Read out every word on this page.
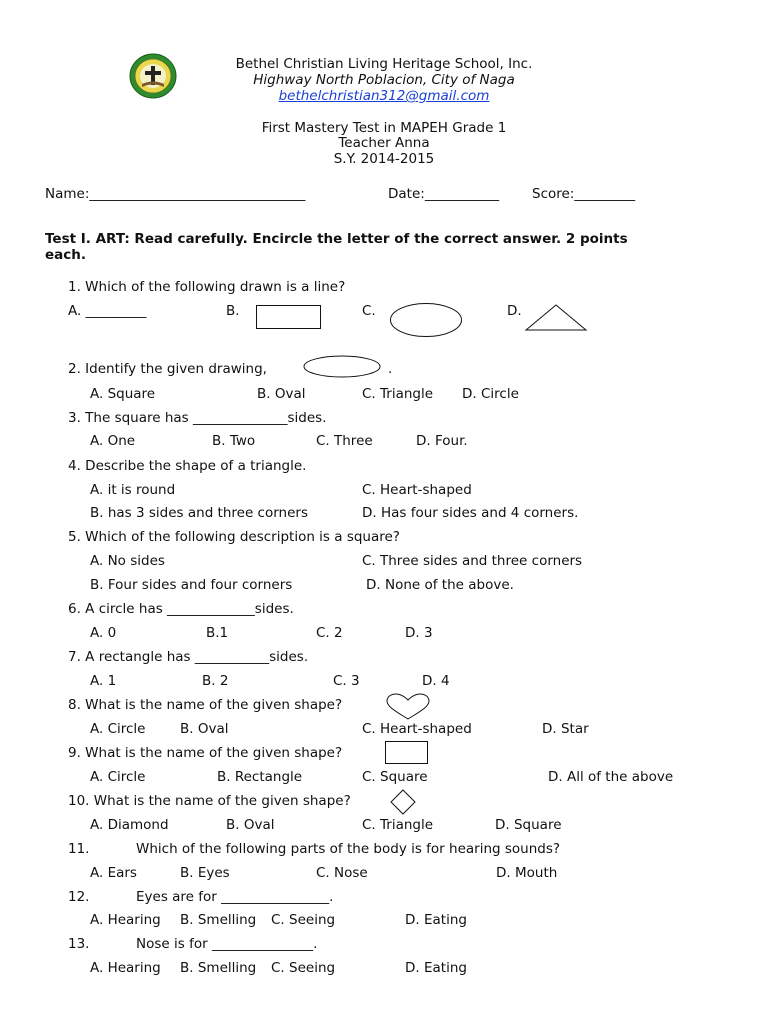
Bethel Christian Living Heritage School, Inc.
Highway North Poblacion, City of Naga
bethelchristian312@gmail.com
First Mastery Test in MAPEH Grade 1
Teacher Anna
S.Y. 2014-2015
Name:________________________________	Date:___________ Score:_________
Test I. ART: Read carefully. Encircle the letter of the correct answer. 2 points
each.
1. Which of the following drawn is a line?
A. _________	B.	C.	D.
2. Identify the given drawing,	.
A. Square	B. Oval	C. Triangle D. Circle
3. The square has ______________sides.
A. One	B. Two	C. Three	D. Four.
4. Describe the shape of a triangle.
A. it is round	C. Heart-shaped
B. has 3 sides and three corners	D. Has four sides and 4 corners.
5. Which of the following description is a square?
A. No sides	C. Three sides and three corners
B. Four sides and four corners	D. None of the above.
6. A circle has _____________sides.
A. 0	B.1	C. 2	D. 3
7. A rectangle has ___________sides.
A. 1	B. 2	C. 3	D. 4
8. What is the name of the given shape?
A. Circle	B. Oval	C. Heart-shaped	D. Star
9. What is the name of the given shape?
A. Circle	B. Rectangle	C. Square	D. All of the above
10. What is the name of the given shape?
A. Diamond	B. Oval	C. Triangle	D. Square
11.	Which of the following parts of the body is for hearing sounds?
A. Ears	B. Eyes	C. Nose	D. Mouth
12.	Eyes are for ________________.
A. Hearing B. Smelling C. Seeing	D. Eating
13.	Nose is for _______________.
A. Hearing B. Smelling C. Seeing	D. Eating
